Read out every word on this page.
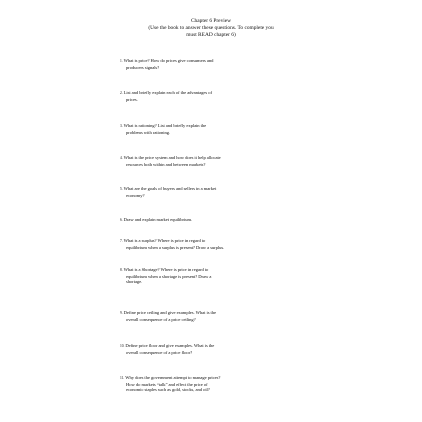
Chapter 6 Preview
(Use the book to answer these questions. To complete you
must READ chapter 6)
1.What is price? How do prices give consumers and
producers signals?
2.List and briefly explain each of the advantages of
prices.
3.What is rationing? List and briefly explain the
problems with rationing.
4.What is the price system and how does it help allocate
resources both within and between markets?
5.What are the goals of buyers and sellers in a market
economy?
6.Draw and explain market equilibrium.
7.What is a surplus? Where is price in regard to
equilibrium when a surplus is present? Draw a surplus.
8.What is a Shortage? Where is price in regard to
equilibrium when a shortage is present? Draw a
shortage.
9.Define price ceiling and give examples. What is the
overall consequence of a price ceiling?
10.Define price floor and give examples. What is the
overall consequence of a price floor?
11.Why does the government attempt to manage prices?
How do markets “talk” and effect the price of
economic staples such as gold, stocks, and oil?
